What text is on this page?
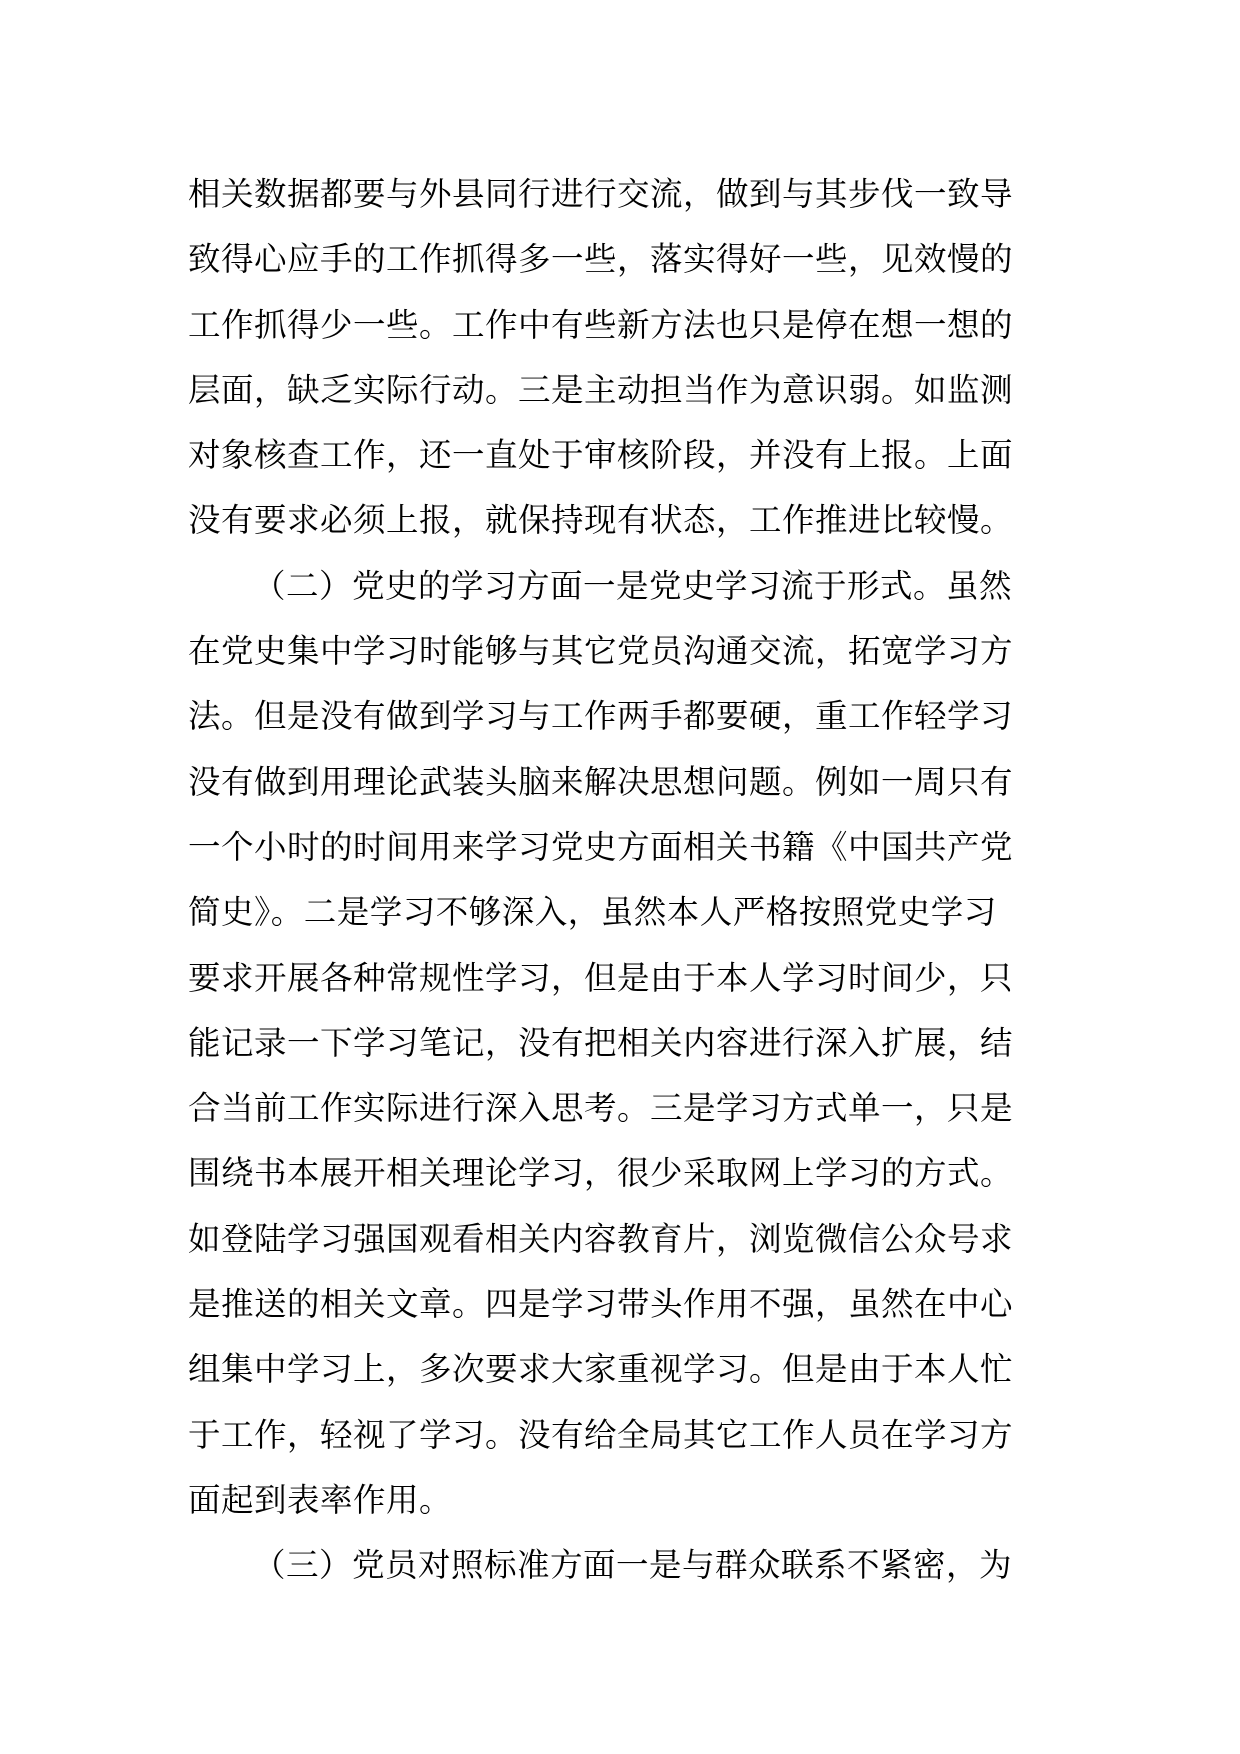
相关数据都要与外县同行进行交流，做到与其步伐一致导
致得心应手的工作抓得多一些，落实得好一些，见效慢的
工作抓得少一些。工作中有些新方法也只是停在想一想的
层面，缺乏实际行动。三是主动担当作为意识弱。如监测
对象核查工作，还一直处于审核阶段，并没有上报。上面
没有要求必须上报，就保持现有状态，工作推进比较慢。
（二）党史的学习方面一是党史学习流于形式。虽然
在党史集中学习时能够与其它党员沟通交流，拓宽学习方
法。但是没有做到学习与工作两手都要硬，重工作轻学习
没有做到用理论武装头脑来解决思想问题。例如一周只有
一个小时的时间用来学习党史方面相关书籍《中国共产党
简史》。二是学习不够深入，虽然本人严格按照党史学习
要求开展各种常规性学习，但是由于本人学习时间少，只
能记录一下学习笔记，没有把相关内容进行深入扩展，结
合当前工作实际进行深入思考。三是学习方式单一，只是
围绕书本展开相关理论学习，很少采取网上学习的方式。
如登陆学习强国观看相关内容教育片，浏览微信公众号求
是推送的相关文章。四是学习带头作用不强，虽然在中心
组集中学习上，多次要求大家重视学习。但是由于本人忙
于工作，轻视了学习。没有给全局其它工作人员在学习方
面起到表率作用。
（三）党员对照标准方面一是与群众联系不紧密，为
